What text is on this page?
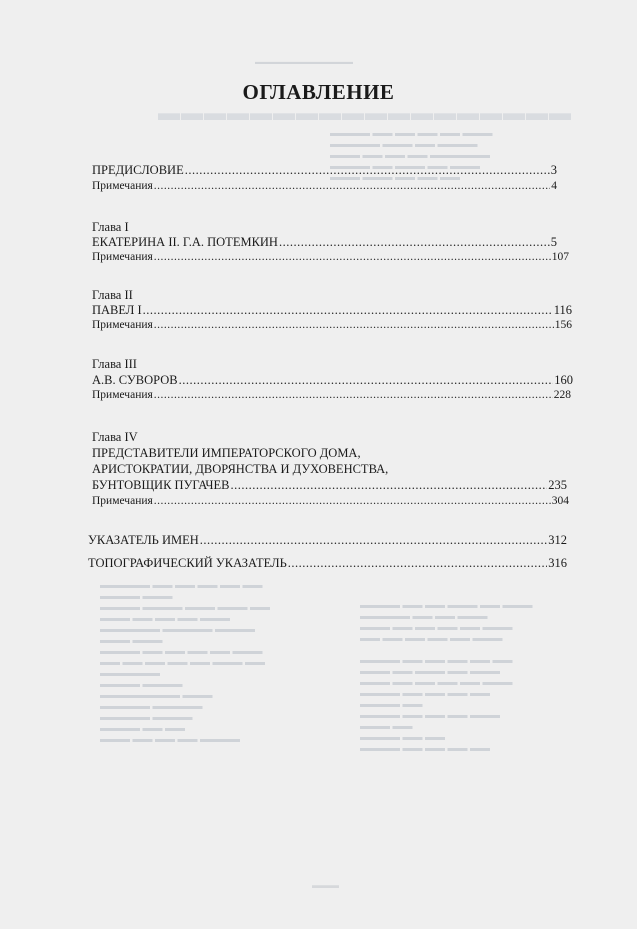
▬▬▬▬▬▬▬▬▬▬▬▬▬▬
▬▬▬▬▬▬▬▬▬▬▬▬▬▬▬▬▬▬
▬▬▬▬ ▬▬ ▬▬ ▬▬ ▬▬ ▬▬▬
▬▬▬▬▬ ▬▬▬ ▬▬ ▬▬▬▬
▬▬▬ ▬▬ ▬▬ ▬▬ ▬▬▬▬▬▬
▬▬▬▬ ▬▬ ▬▬▬ ▬▬ ▬▬▬
▬▬▬ ▬▬▬ ▬▬ ▬▬ ▬▬
▬▬▬▬▬ ▬▬ ▬▬ ▬▬ ▬▬ ▬▬
▬▬▬▬ ▬▬▬
▬▬▬▬ ▬▬▬▬ ▬▬▬ ▬▬▬ ▬▬
▬▬▬ ▬▬ ▬▬ ▬▬ ▬▬▬
▬▬▬▬▬▬ ▬▬▬▬▬ ▬▬▬▬
▬▬▬ ▬▬▬
▬▬▬▬ ▬▬ ▬▬ ▬▬ ▬▬ ▬▬▬
▬▬ ▬▬ ▬▬ ▬▬ ▬▬ ▬▬▬ ▬▬
▬▬▬▬▬▬
▬▬▬▬ ▬▬▬▬
▬▬▬▬▬▬▬▬ ▬▬▬
▬▬▬▬▬ ▬▬▬▬▬
▬▬▬▬▬ ▬▬▬▬
▬▬▬▬ ▬▬ ▬▬
▬▬▬ ▬▬ ▬▬ ▬▬ ▬▬▬▬
▬▬▬▬ ▬▬ ▬▬ ▬▬▬ ▬▬ ▬▬▬
▬▬▬▬▬ ▬▬ ▬▬ ▬▬▬
▬▬▬ ▬▬ ▬▬ ▬▬ ▬▬ ▬▬▬
▬▬ ▬▬ ▬▬ ▬▬ ▬▬ ▬▬▬

▬▬▬▬ ▬▬ ▬▬ ▬▬ ▬▬ ▬▬
▬▬▬ ▬▬ ▬▬▬ ▬▬ ▬▬▬
▬▬▬ ▬▬ ▬▬ ▬▬ ▬▬ ▬▬▬
▬▬▬▬ ▬▬ ▬▬ ▬▬ ▬▬
▬▬▬▬ ▬▬
▬▬▬▬ ▬▬ ▬▬ ▬▬ ▬▬▬
▬▬▬ ▬▬
▬▬▬▬ ▬▬ ▬▬
▬▬▬▬ ▬▬ ▬▬ ▬▬ ▬▬
▬▬▬
ОГЛАВЛЕНИЕ
ПРЕДИСЛОВИЕ .....	3
Примечания .....	4
Глава I
ЕКАТЕРИНА II. Г.А. ПОТЕМКИН .....	5
Примечания .....	107
Глава II
ПАВЕЛ I .....	116
Примечания .....	156
Глава III
А.В. СУВОРОВ .....	160
Примечания .....	228
Глава IV
ПРЕДСТАВИТЕЛИ ИМПЕРАТОРСКОГО ДОМА,
АРИСТОКРАТИИ, ДВОРЯНСТВА И ДУХОВЕНСТВА,
БУНТОВЩИК ПУГАЧЕВ .....	235
Примечания .....	304
УКАЗАТЕЛЬ ИМЕН .....	312
ТОПОГРАФИЧЕСКИЙ УКАЗАТЕЛЬ .....	316
